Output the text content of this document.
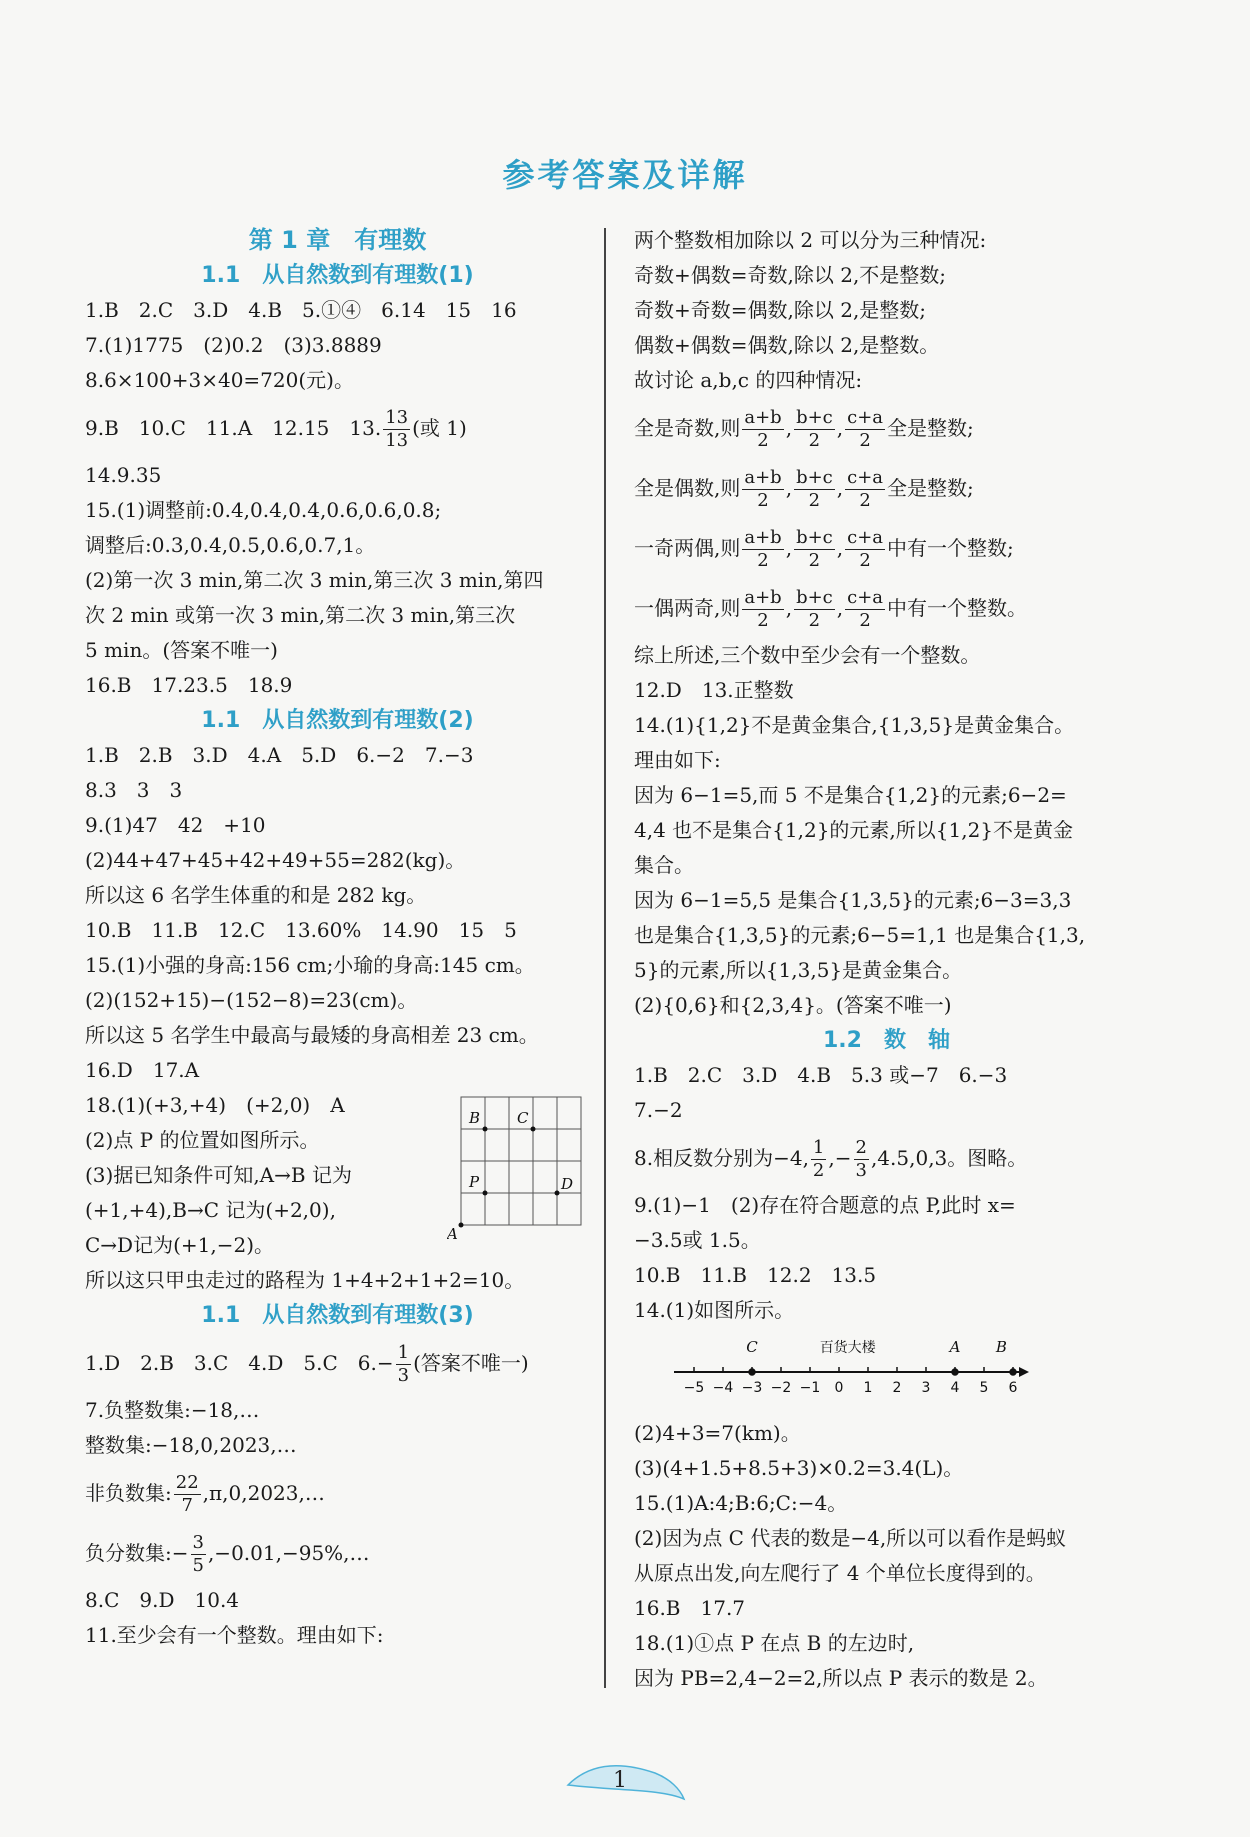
参考答案及详解
第 1 章　有理数
1.1　从自然数到有理数(1)
1.B　2.C　3.D　4.B　5.①④　6.14　15　16
7.(1)1775　(2)0.2　(3)3.8889
8.6×100+3×40=720(元)。
9.B　10.C　11.A　12.15　13. $\frac{13}{13}$ (或 1)
14.9.35
15.(1)调整前:0.4,0.4,0.4,0.6,0.6,0.8;
调整后:0.3,0.4,0.5,0.6,0.7,1。
(2)第一次 3 min,第二次 3 min,第三次 3 min,第四
次 2 min 或第一次 3 min,第二次 3 min,第三次
5 min。(答案不唯一)
16.B　17.23.5　18.9
1.1　从自然数到有理数(2)
1.B　2.B　3.D　4.A　5.D　6.−2　7.−3
8.3　3　3
9.(1)47　42　+10
(2)44+47+45+42+49+55=282(kg)。
所以这 6 名学生体重的和是 282 kg。
10.B　11.B　12.C　13.60%　14.90　15　5
15.(1)小强的身高:156 cm;小瑜的身高:145 cm。
(2)(152+15)−(152−8)=23(cm)。
所以这 5 名学生中最高与最矮的身高相差 23 cm。
16.D　17.A
18.(1)(+3,+4)　(+2,0)　A
(2)点 P 的位置如图所示。
(3)据已知条件可知,A→B 记为
(+1,+4),B→C 记为(+2,0),
C→D记为(+1,−2)。
B C
P	D
A
所以这只甲虫走过的路程为 1+4+2+1+2=10。
1.1　从自然数到有理数(3)
1.D　2.B　3.C　4.D　5.C　$6.- \frac{1}{3}$ (答案不唯一)
7.负整数集:−18,…
整数集:−18,0,2023,…
非负数集: $\frac{22}{7}$ ,π,0,2023,…
负分数集:− $\frac{3}{5}$ ,−0.01,−95%,…
8.C　9.D　10.4
11.至少会有一个整数。理由如下:
两个整数相加除以 2 可以分为三种情况:
奇数+偶数=奇数,除以 2,不是整数;
奇数+奇数=偶数,除以 2,是整数;
偶数+偶数=偶数,除以 2,是整数。
故讨论 a,b,c 的四种情况:
全是奇数,则 $\frac{a+b}{2}$ , $\frac{b+c}{2}$ , $\frac{c+a}{2}$ 全是整数;
全是偶数,则 $\frac{a+b}{2}$ , $\frac{b+c}{2}$ , $\frac{c+a}{2}$ 全是整数;
一奇两偶,则 $\frac{a+b}{2}$ , $\frac{b+c}{2}$ , $\frac{c+a}{2}$ 中有一个整数;
一偶两奇,则 $\frac{a+b}{2}$ , $\frac{b+c}{2}$ , $\frac{c+a}{2}$ 中有一个整数。
综上所述,三个数中至少会有一个整数。
12.D　13.正整数
14.(1){1,2}不是黄金集合,{1,3,5}是黄金集合。
理由如下:
因为 6−1=5,而 5 不是集合{1,2}的元素;6−2=
4,4 也不是集合{1,2}的元素,所以{1,2}不是黄金
集合。
因为 6−1=5,5 是集合{1,3,5}的元素;6−3=3,3
也是集合{1,3,5}的元素;6−5=1,1 也是集合{1,3,
5}的元素,所以{1,3,5}是黄金集合。
(2){0,6}和{2,3,4}。(答案不唯一)
1.2　数　轴
1.B　2.C　3.D　4.B　5.3 或−7　6.−3
7.−2
8.相反数分别为−4, $\frac{1}{2}$ ,− $\frac{2}{3} ,4.5,0,3$。图略。
9.(1)−1　(2)存在符合题意的点 P,此时 x=
−3.5或 1.5。
10.B　11.B　12.2　13.5
14.(1)如图所示。
−5 −4 −3 −2 −1 0 1 2 3 4 5 6
C	A B
百货大楼
(2)4+3=7(km)。
(3)(4+1.5+8.5+3)×0.2=3.4(L)。
15.(1)A:4;B:6;C:−4。
(2)因为点 C 代表的数是−4,所以可以看作是蚂蚁
从原点出发,向左爬行了 4 个单位长度得到的。
16.B　17.7
18.(1)①点 P 在点 B 的左边时,
因为 PB=2,4−2=2,所以点 P 表示的数是 2。
1
